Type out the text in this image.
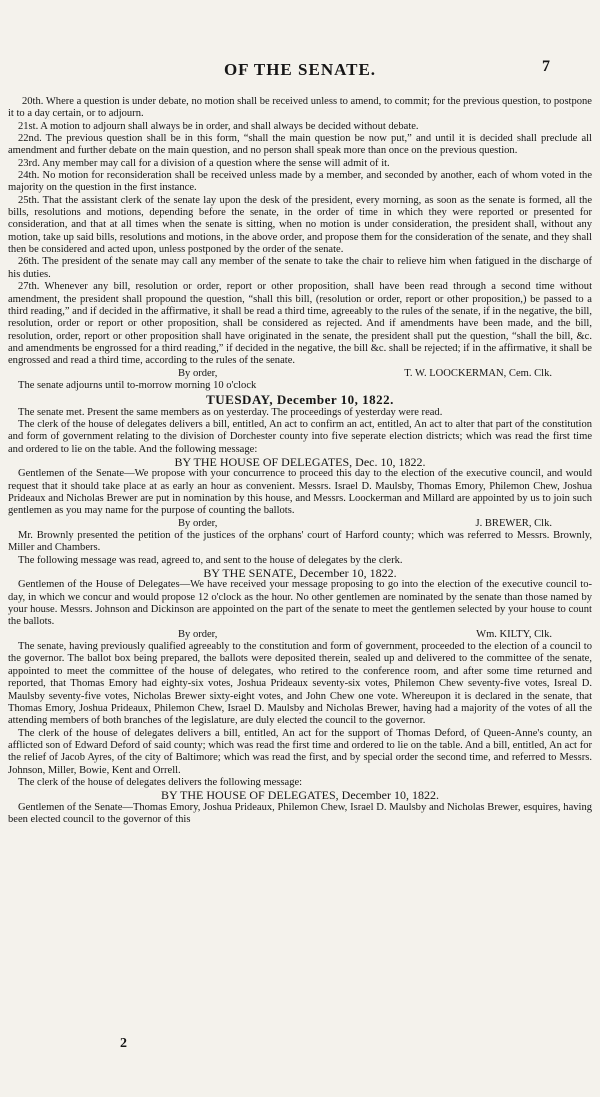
OF THE SENATE.	7

20th. Where a question is under debate, no motion shall be received unless to amend, to commit; for the previous question, to postpone it to a day certain, or to adjourn.

21st. A motion to adjourn shall always be in order, and shall always be decided without debate.

22nd. The previous question shall be in this form, “shall the main question be now put,” and until it is decided shall preclude all amendment and further debate on the main question, and no person shall speak more than once on the previous question.

23rd. Any member may call for a division of a question where the sense will admit of it.

24th. No motion for reconsideration shall be received unless made by a member, and seconded by another, each of whom voted in the majority on the question in the first instance.

25th. That the assistant clerk of the senate lay upon the desk of the president, every morning, as soon as the senate is formed, all the bills, resolutions and motions, depending before the senate, in the order of time in which they were reported or presented for consideration, and that at all times when the senate is sitting, when no motion is under consideration, the president shall, without any motion, take up said bills, resolutions and motions, in the above order, and propose them for the consideration of the senate, and they shall then be considered and acted upon, unless postponed by the order of the senate.

26th. The president of the senate may call any member of the senate to take the chair to relieve him when fatigued in the discharge of his duties.

27th. Whenever any bill, resolution or order, report or other proposition, shall have been read through a second time without amendment, the president shall propound the question, “shall this bill, (resolution or order, report or other proposition,) be passed to a third reading,” and if decided in the affirmative, it shall be read a third time, agreeably to the rules of the senate, if in the negative, the bill, resolution, order or report or other proposition, shall be considered as rejected. And if amendments have been made, and the bill, resolution, order, report or other proposition shall have originated in the senate, the president shall put the question, “shall the bill, &c. and amendments be engrossed for a third reading,” if decided in the negative, the bill &c. shall be rejected; if in the affirmative, it shall be engrossed and read a third time, according to the rules of the senate.

By order,	T. W. LOOCKERMAN, Cem. Clk.

The senate adjourns until to-morrow morning 10 o'clock

TUESDAY, December 10, 1822.

The senate met. Present the same members as on yesterday. The proceedings of yesterday were read.

The clerk of the house of delegates delivers a bill, entitled, An act to confirm an act, entitled, An act to alter that part of the constitution and form of government relating to the division of Dorchester county into five seperate election districts; which was read the first time and ordered to lie on the table. And the following message:

BY THE HOUSE OF DELEGATES, Dec. 10, 1822.

Gentlemen of the Senate—We propose with your concurrence to proceed this day to the election of the executive council, and would request that it should take place at as early an hour as convenient. Messrs. Israel D. Maulsby, Thomas Emory, Philemon Chew, Joshua Prideaux and Nicholas Brewer are put in nomination by this house, and Messrs. Loockerman and Millard are appointed by us to join such gentlemen as you may name for the purpose of counting the ballots.

By order,	J. BREWER, Clk.

Mr. Brownly presented the petition of the justices of the orphans' court of Harford county; which was referred to Messrs. Brownly, Miller and Chambers.

The following message was read, agreed to, and sent to the house of delegates by the clerk.

BY THE SENATE, December 10, 1822.

Gentlemen of the House of Delegates—We have received your message proposing to go into the election of the executive council to-day, in which we concur and would propose 12 o'clock as the hour. No other gentlemen are nominated by the senate than those named by your house. Messrs. Johnson and Dickinson are appointed on the part of the senate to meet the gentlemen selected by your house to count the ballots.

By order,	Wm. KILTY, Clk.

The senate, having previously qualified agreeably to the constitution and form of government, proceeded to the election of a council to the governor. The ballot box being prepared, the ballots were deposited therein, sealed up and delivered to the committee of the senate, appointed to meet the committee of the house of delegates, who retired to the conference room, and after some time returned and reported, that Thomas Emory had eighty-six votes, Joshua Prideaux seventy-six votes, Philemon Chew seventy-five votes, Isreal D. Maulsby seventy-five votes, Nicholas Brewer sixty-eight votes, and John Chew one vote. Whereupon it is declared in the senate, that Thomas Emory, Joshua Prideaux, Philemon Chew, Israel D. Maulsby and Nicholas Brewer, having had a majority of the votes of all the attending members of both branches of the legislature, are duly elected the council to the governor.

The clerk of the house of delegates delivers a bill, entitled, An act for the support of Thomas Deford, of Queen-Anne's county, an afflicted son of Edward Deford of said county; which was read the first time and ordered to lie on the table. And a bill, entitled, An act for the relief of Jacob Ayres, of the city of Baltimore; which was read the first, and by special order the second time, and referred to Messrs. Johnson, Miller, Bowie, Kent and Orrell.

The clerk of the house of delegates delivers the following message:

BY THE HOUSE OF DELEGATES, December 10, 1822.

Gentlemen of the Senate—Thomas Emory, Joshua Prideaux, Philemon Chew, Israel D. Maulsby and Nicholas Brewer, esquires, having been elected council to the governor of this

2
